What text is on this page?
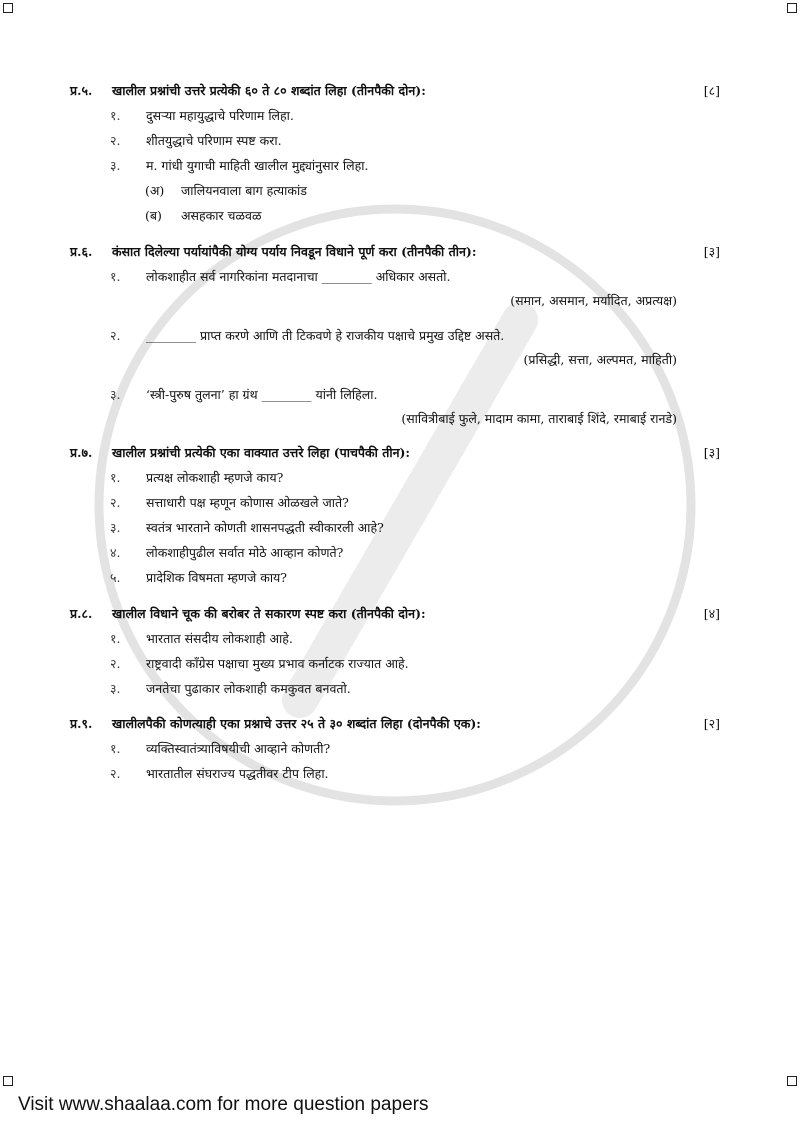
प्र.५.	खालील प्रश्नांची उत्तरे प्रत्येकी ६० ते ८० शब्दांत लिहा (तीनपैकी दोन):	[८]
१.	दुसऱ्या महायुद्धाचे परिणाम लिहा.
२.	शीतयुद्धाचे परिणाम स्पष्ट करा.
३.	म. गांधी युगाची माहिती खालील मुद्द्यांनुसार लिहा.
(अ)	जालियनवाला बाग हत्याकांड
(ब)	असहकार चळवळ
प्र.६.	कंसात दिलेल्या पर्यायांपैकी योग्य पर्याय निवडून विधाने पूर्ण करा (तीनपैकी तीन):	[३]
१.	लोकशाहीत सर्व नागरिकांना मतदानाचा ________ अधिकार असतो.
(समान, असमान, मर्यादित, अप्रत्यक्ष)
२.	________ प्राप्त करणे आणि ती टिकवणे हे राजकीय पक्षाचे प्रमुख उद्दिष्ट असते.
(प्रसिद्धी, सत्ता, अल्पमत, माहिती)
३.	‘स्त्री-पुरुष तुलना’ हा ग्रंथ ________ यांनी लिहिला.
(सावित्रीबाई फुले, मादाम कामा, ताराबाई शिंदे, रमाबाई रानडे)
प्र.७.	खालील प्रश्नांची प्रत्येकी एका वाक्यात उत्तरे लिहा (पाचपैकी तीन):	[३]
१.	प्रत्यक्ष लोकशाही म्हणजे काय?
२.	सत्ताधारी पक्ष म्हणून कोणास ओळखले जाते?
३.	स्वतंत्र भारताने कोणती शासनपद्धती स्वीकारली आहे?
४.	लोकशाहीपुढील सर्वात मोठे आव्हान कोणते?
५.	प्रादेशिक विषमता म्हणजे काय?
प्र.८.	खालील विधाने चूक की बरोबर ते सकारण स्पष्ट करा (तीनपैकी दोन):	[४]
१.	भारतात संसदीय लोकशाही आहे.
२.	राष्ट्रवादी काँग्रेस पक्षाचा मुख्य प्रभाव कर्नाटक राज्यात आहे.
३.	जनतेचा पुढाकार लोकशाही कमकुवत बनवतो.
प्र.९.	खालीलपैकी कोणत्याही एका प्रश्नाचे उत्तर २५ ते ३० शब्दांत लिहा (दोनपैकी एक):	[२]
१.	व्यक्तिस्वातंत्र्याविषयीची आव्हाने कोणती?
२.	भारतातील संघराज्य पद्धतीवर टीप लिहा.
Visit www.shaalaa.com for more question papers
